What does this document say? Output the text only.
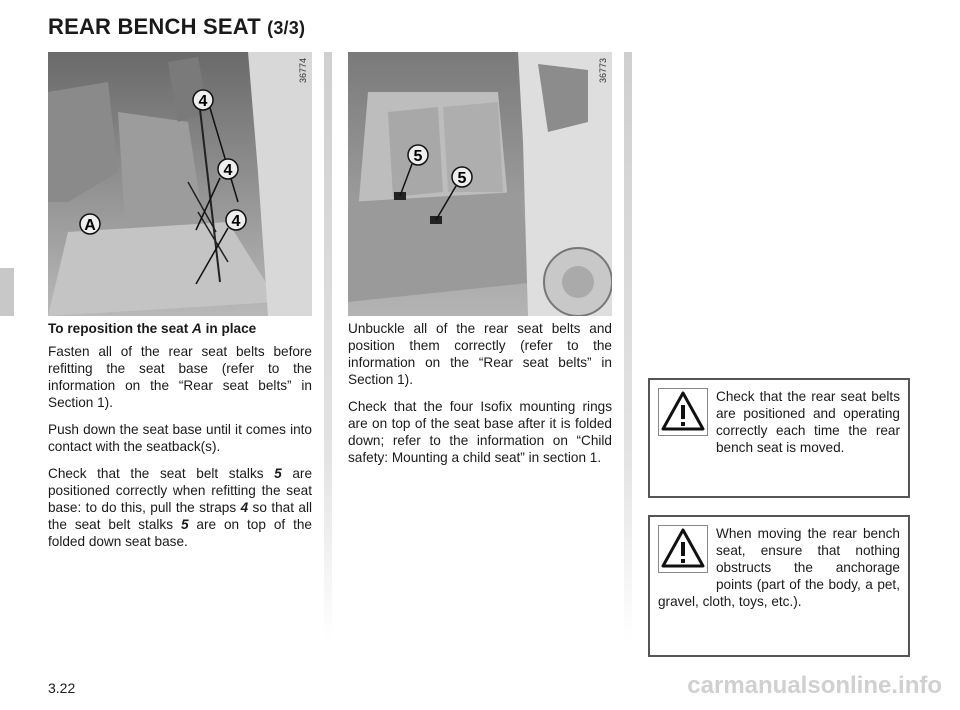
REAR BENCH SEAT (3/3)
4
4
4
A
36774
5
5
36773

To reposition the seat A in place

Fasten all of the rear seat belts before refitting the seat base (refer to the information on the “Rear seat belts” in Section 1).

Push down the seat base until it comes into contact with the seatback(s).

Check that the seat belt stalks 5 are positioned correctly when refitting the seat base: to do this, pull the straps 4 so that all the seat belt stalks 5 are on top of the folded down seat base.

Unbuckle all of the rear seat belts and position them correctly (refer to the information on the “Rear seat belts” in Section 1).

Check that the four Isofix mounting rings are on top of the seat base after it is folded down; refer to the information on “Child safety: Mounting a child seat” in section 1.

Check that the rear seat belts are positioned and operating correctly each time the rear bench seat is moved.
When moving the rear bench seat, ensure that nothing obstructs the anchorage points (part of the body, a pet, gravel, cloth, toys, etc.).
3.22	carmanualsonline.info
